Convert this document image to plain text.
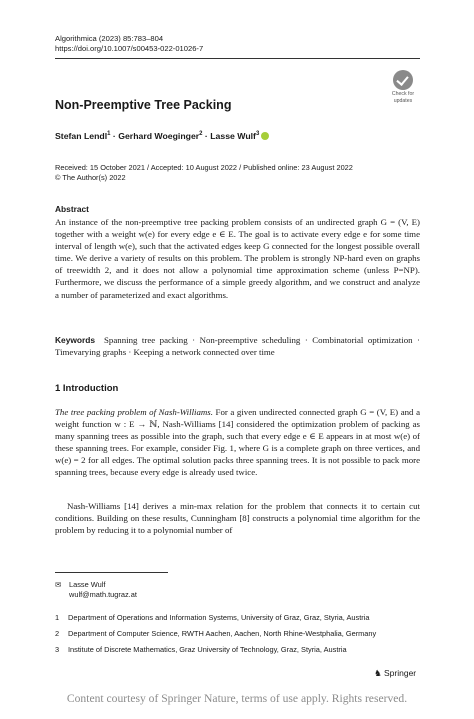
Algorithmica (2023) 85:783–804
https://doi.org/10.1007/s00453-022-01026-7
Check for
updates
Non-Preemptive Tree Packing
Stefan Lendl$^1$ · Gerhard Woeginger$^2$ · Lasse Wulf$^3$
Received: 15 October 2021 / Accepted: 10 August 2022 / Published online: 23 August 2022
© The Author(s) 2022
Abstract
An instance of the non-preemptive tree packing problem consists of an undirected graph G = (V, E) together with a weight w(e) for every edge e ∈ E. The goal is to activate every edge e for some time interval of length w(e), such that the activated edges keep G connected for the longest possible overall time. We derive a variety of results on this problem. The problem is strongly NP-hard even on graphs of treewidth 2, and it does not allow a polynomial time approximation scheme (unless P=NP). Furthermore, we discuss the performance of a simple greedy algorithm, and we construct and analyze a number of parameterized and exact algorithms.
Keywords Spanning tree packing · Non-preemptive scheduling · Combinatorial optimization · Timevarying graphs · Keeping a network connected over time
1 Introduction
The tree packing problem of Nash-Williams. For a given undirected connected graph G = (V, E) and a weight function w : E → ℕ, Nash-Williams [14] considered the optimization problem of packing as many spanning trees as possible into the graph, such that every edge e ∈ E appears in at most w(e) of these spanning trees. For example, consider Fig. 1, where G is a complete graph on three vertices, and w(e) = 2 for all edges. The optimal solution packs three spanning trees. It is not possible to pack more spanning trees, because every edge is already used twice.
Nash-Williams [14] derives a min-max relation for the problem that connects it to certain cut conditions. Building on these results, Cunningham [8] constructs a polynomial time algorithm for the problem by reducing it to a polynomial number of
✉ Lasse Wulf
wulf@math.tugraz.at
1 Department of Operations and Information Systems, University of Graz, Graz, Styria, Austria
2 Department of Computer Science, RWTH Aachen, Aachen, North Rhine-Westphalia, Germany
3 Institute of Discrete Mathematics, Graz University of Technology, Graz, Styria, Austria
♞ Springer
Content courtesy of Springer Nature, terms of use apply. Rights reserved.
